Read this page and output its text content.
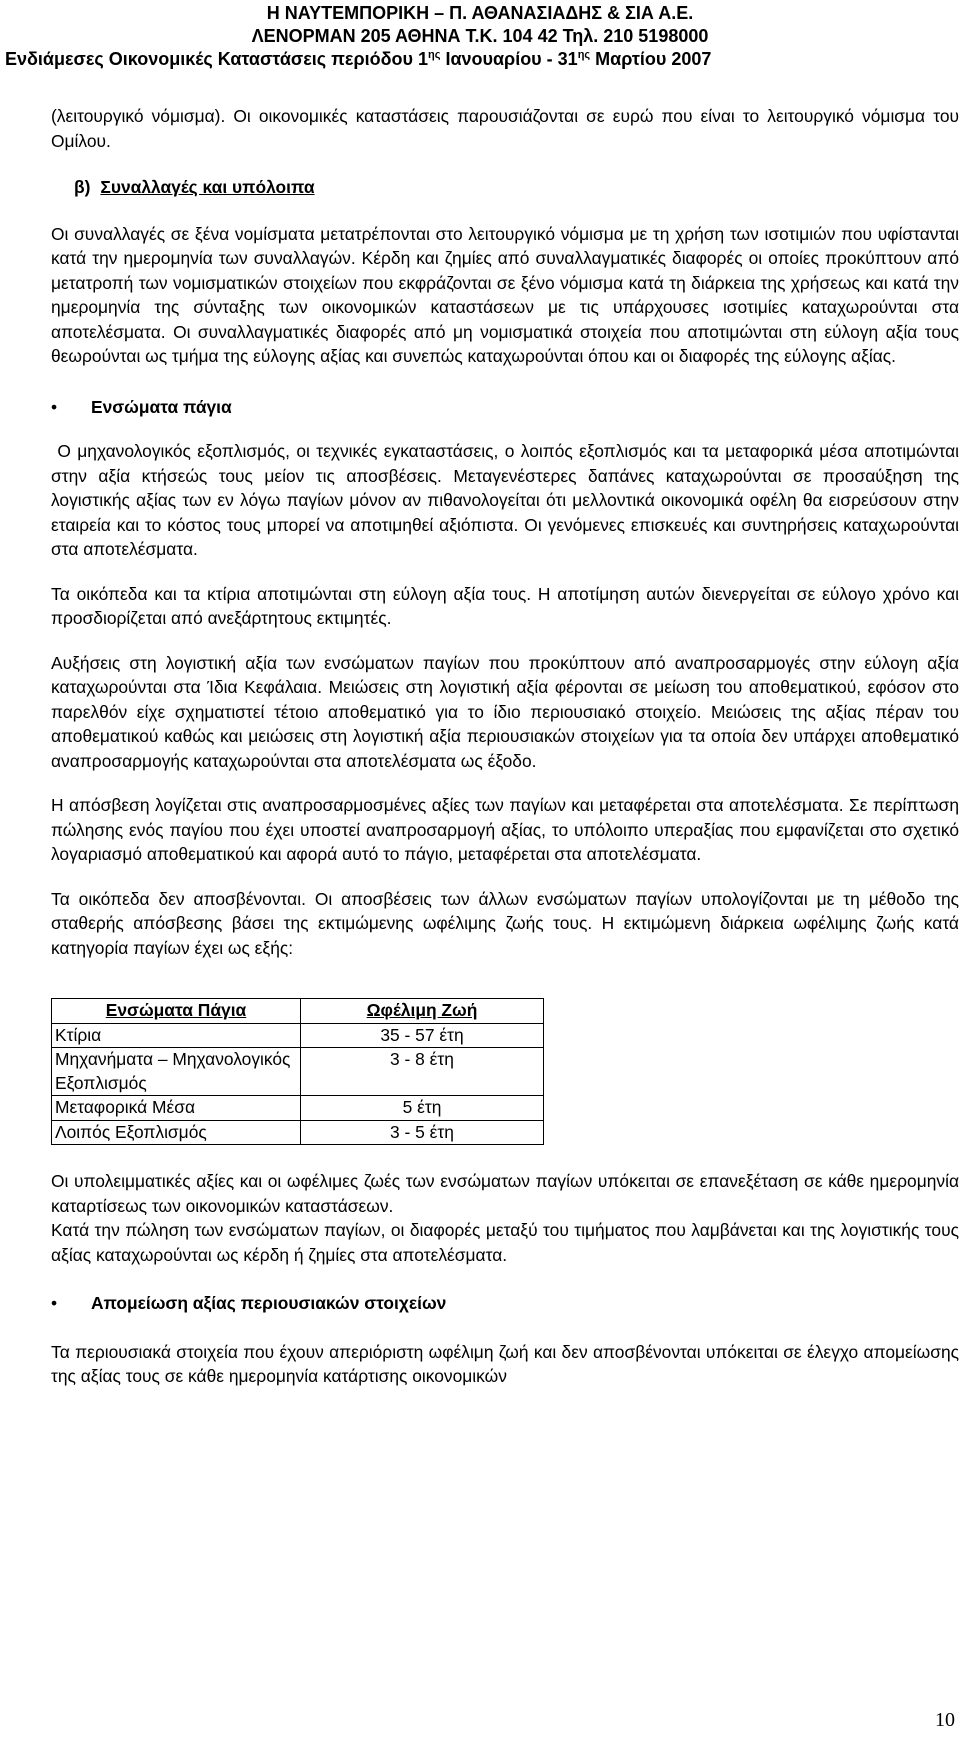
Η ΝΑΥΤΕΜΠΟΡΙΚΗ – Π. ΑΘΑΝΑΣΙΑΔΗΣ & ΣΙΑ Α.Ε.
ΛΕΝΟΡΜΑΝ 205 ΑΘΗΝΑ Τ.Κ. 104 42 Τηλ. 210 5198000
Ενδιάμεσες Οικονομικές Καταστάσεις περιόδου $1^{\eta\varsigma}$ Ιανουαρίου - $31^{\eta\varsigma}$ Μαρτίου 2007

(λειτουργικό νόμισμα). Οι οικονομικές καταστάσεις παρουσιάζονται σε ευρώ που είναι το λειτουργικό νόμισμα του Ομίλου.

β) Συναλλαγές και υπόλοιπα

Οι συναλλαγές σε ξένα νομίσματα μετατρέπονται στο λειτουργικό νόμισμα με τη χρήση των ισοτιμιών που υφίστανται κατά την ημερομηνία των συναλλαγών. Κέρδη και ζημίες από συναλλαγματικές διαφορές οι οποίες προκύπτουν από μετατροπή των νομισματικών στοιχείων που εκφράζονται σε ξένο νόμισμα κατά τη διάρκεια της χρήσεως και κατά την ημερομηνία της σύνταξης των οικονομικών καταστάσεων με τις υπάρχουσες ισοτιμίες καταχωρούνται στα αποτελέσματα. Οι συναλλαγματικές διαφορές από μη νομισματικά στοιχεία που αποτιμώνται στη εύλογη αξία τους θεωρούνται ως τμήμα της εύλογης αξίας και συνεπώς καταχωρούνται όπου και οι διαφορές της εύλογης αξίας.

• Ενσώματα πάγια

Ο μηχανολογικός εξοπλισμός, οι τεχνικές εγκαταστάσεις, ο λοιπός εξοπλισμός και τα μεταφορικά μέσα αποτιμώνται στην αξία κτήσεώς τους μείον τις αποσβέσεις. Μεταγενέστερες δαπάνες καταχωρούνται σε προσαύξηση της λογιστικής αξίας των εν λόγω παγίων μόνον αν πιθανολογείται ότι μελλοντικά οικονομικά οφέλη θα εισρεύσουν στην εταιρεία και το κόστος τους μπορεί να αποτιμηθεί αξιόπιστα. Οι γενόμενες επισκευές και συντηρήσεις καταχωρούνται στα αποτελέσματα.

Τα οικόπεδα και τα κτίρια αποτιμώνται στη εύλογη αξία τους. Η αποτίμηση αυτών διενεργείται σε εύλογο χρόνο και προσδιορίζεται από ανεξάρτητους εκτιμητές.

Αυξήσεις στη λογιστική αξία των ενσώματων παγίων που προκύπτουν από αναπροσαρμογές στην εύλογη αξία καταχωρούνται στα Ίδια Κεφάλαια. Μειώσεις στη λογιστική αξία φέρονται σε μείωση του αποθεματικού, εφόσον στο παρελθόν είχε σχηματιστεί τέτοιο αποθεματικό για το ίδιο περιουσιακό στοιχείο. Μειώσεις της αξίας πέραν του αποθεματικού καθώς και μειώσεις στη λογιστική αξία περιουσιακών στοιχείων για τα οποία δεν υπάρχει αποθεματικό αναπροσαρμογής καταχωρούνται στα αποτελέσματα ως έξοδο.

Η απόσβεση λογίζεται στις αναπροσαρμοσμένες αξίες των παγίων και μεταφέρεται στα αποτελέσματα. Σε περίπτωση πώλησης ενός παγίου που έχει υποστεί αναπροσαρμογή αξίας, το υπόλοιπο υπεραξίας που εμφανίζεται στο σχετικό λογαριασμό αποθεματικού και αφορά αυτό το πάγιο, μεταφέρεται στα αποτελέσματα.

Τα οικόπεδα δεν αποσβένονται. Οι αποσβέσεις των άλλων ενσώματων παγίων υπολογίζονται με τη μέθοδο της σταθερής απόσβεσης βάσει της εκτιμώμενης ωφέλιμης ζωής τους. Η εκτιμώμενη διάρκεια ωφέλιμης ζωής κατά κατηγορία παγίων έχει ως εξής:

Ενσώματα Πάγια	Ωφέλιμη Ζωή
Κτίρια	35 - 57 έτη
Μηχανήματα – Μηχανολογικός Εξοπλισμός	3 - 8 έτη
Μεταφορικά Μέσα	5 έτη
Λοιπός Εξοπλισμός	3 - 5 έτη

Οι υπολειμματικές αξίες και οι ωφέλιμες ζωές των ενσώματων παγίων υπόκειται σε επανεξέταση σε κάθε ημερομηνία καταρτίσεως των οικονομικών καταστάσεων.

Κατά την πώληση των ενσώματων παγίων, οι διαφορές μεταξύ του τιμήματος που λαμβάνεται και της λογιστικής τους αξίας καταχωρούνται ως κέρδη ή ζημίες στα αποτελέσματα.

• Απομείωση αξίας περιουσιακών στοιχείων

Τα περιουσιακά στοιχεία που έχουν απεριόριστη ωφέλιμη ζωή και δεν αποσβένονται υπόκειται σε έλεγχο απομείωσης της αξίας τους σε κάθε ημερομηνία κατάρτισης οικονομικών

10
